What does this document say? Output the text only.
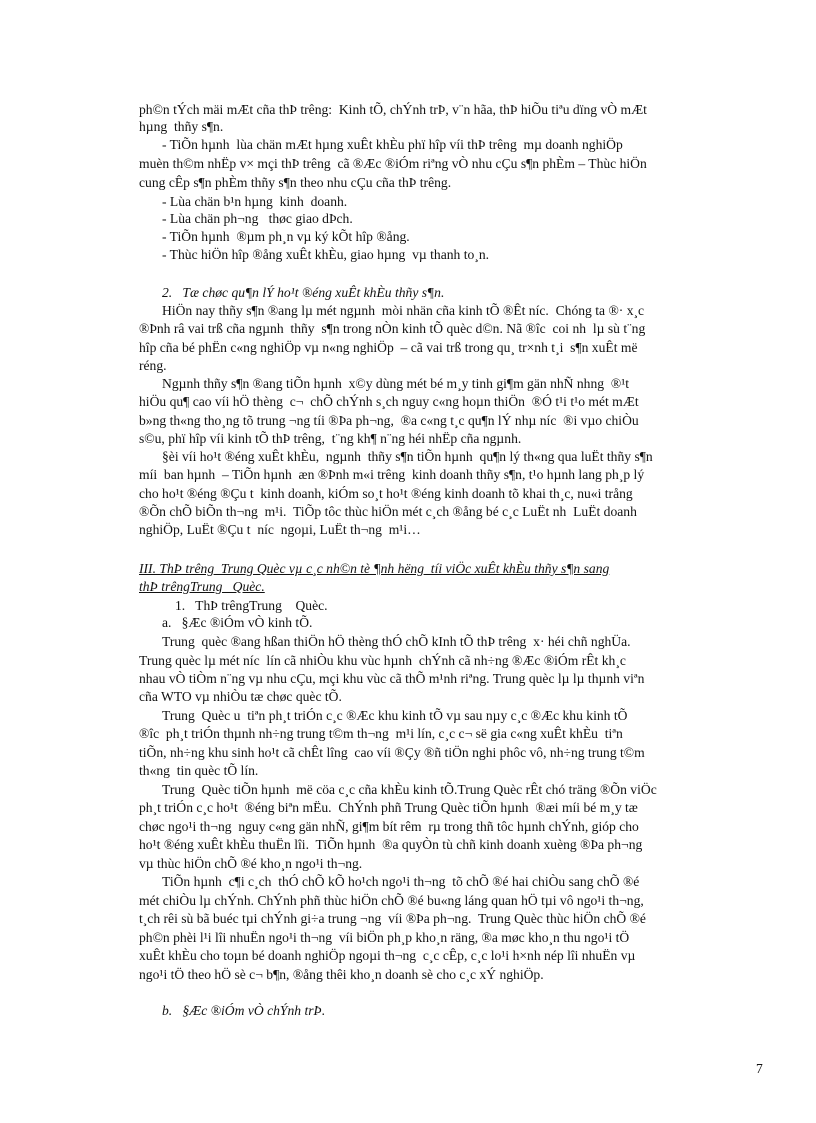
ph©n tÝch mäi mÆt cña thÞ trêng:  Kinh tÕ, chÝnh trÞ, v¨n hãa, thÞ hiÕu tiªu dïng vÒ mÆt
hµng  thñy s¶n.
- TiÕn hµnh  lùa chän mÆt hµng xuÊt khÈu phï hîp víi thÞ trêng  mµ doanh nghiÖp
muèn th©m nhËp v× mçi thÞ trêng  cã ®Æc ®iÓm riªng vÒ nhu cÇu s¶n phÈm – Thùc hiÖn
cung cÊp s¶n phÈm thñy s¶n theo nhu cÇu cña thÞ trêng.
- Lùa chän b¹n hµng  kinh  doanh.
- Lùa chän ph¬ng   thøc giao dÞch.
- TiÕn hµnh  ®µm ph¸n vµ ký kÕt hîp ®ång.
- Thùc hiÖn hîp ®ång xuÊt khÈu, giao hµng  vµ thanh to¸n.
2.   Tæ chøc qu¶n lÝ ho¹t ®éng xuÊt khÈu thñy s¶n.
HiÖn nay thñy s¶n ®ang lµ mét ngµnh  mòi nhän cña kinh tÕ ®Êt níc.  Chóng ta ®· x¸c
®Þnh râ vai trß cña ngµnh  thñy  s¶n trong nÒn kinh tÕ quèc d©n. Nã ®îc  coi nh  lµ sù t¨ng
hîp cña bé phËn c«ng nghiÖp vµ n«ng nghiÖp  – cã vai trß trong qu¸ tr×nh t¸i  s¶n xuÊt më
réng.
Ngµnh thñy s¶n ®ang tiÕn hµnh  x©y dùng mét bé m¸y tinh gi¶m gän nhÑ nhng  ®¹t
hiÖu qu¶ cao víi hÖ thèng  c¬  chÕ chÝnh s¸ch nguy c«ng hoµn thiÖn  ®Ó t¹i t¹o mét mÆt
b»ng th«ng tho¸ng tõ trung ¬ng tíi ®Þa ph¬ng,  ®a c«ng t¸c qu¶n lÝ nhµ níc  ®i vµo chiÒu
s©u, phï hîp víi kinh tÕ thÞ trêng,  t¨ng kh¶ n¨ng héi nhËp cña ngµnh.
§èi víi ho¹t ®éng xuÊt khÈu,  ngµnh  thñy s¶n tiÕn hµnh  qu¶n lý th«ng qua luËt thñy s¶n
míi  ban hµnh  – TiÕn hµnh  æn ®Þnh m«i trêng  kinh doanh thñy s¶n, t¹o hµnh lang ph¸p lý
cho ho¹t ®éng ®Çu t  kinh doanh, kiÓm so¸t ho¹t ®éng kinh doanh tõ khai th¸c, nu«i trång
®Õn chÕ biÕn th¬ng  m¹i.  TiÕp tôc thùc hiÖn mét c¸ch ®ång bé c¸c LuËt nh  LuËt doanh
nghiÖp, LuËt ®Çu t  níc  ngoµi, LuËt th¬ng  m¹i…
III. ThÞ trêng  Trung Quèc vµ c¸c nh©n tè ¶nh hëng  tíi viÖc xuÊt khÈu thñy s¶n sang
thÞ trêngTrung   Quèc.
1.   ThÞ trêngTrung    Quèc.
a.   §Æc ®iÓm vÒ kinh tÕ.
Trung  quèc ®ang hßan thiÖn hÖ thèng thÓ chÕ kInh tÕ thÞ trêng  x· héi chñ nghÜa.
Trung quèc lµ mét níc  lín cã nhiÒu khu vùc hµnh  chÝnh cã nh÷ng ®Æc ®iÓm rÊt kh¸c
nhau vÒ tiÒm n¨ng vµ nhu cÇu, mçi khu vùc cã thÕ m¹nh riªng. Trung quèc lµ lµ thµnh viªn
cña WTO vµ nhiÒu tæ chøc quèc tÕ.
Trung  Quèc u  tiªn ph¸t triÓn c¸c ®Æc khu kinh tÕ vµ sau nµy c¸c ®Æc khu kinh tÕ
®îc  ph¸t triÓn thµnh nh÷ng trung t©m th¬ng  m¹i lín, c¸c c¬ së gia c«ng xuÊt khÈu  tiªn
tiÕn, nh÷ng khu sinh ho¹t cã chÊt lîng  cao víi ®Çy ®ñ tiÖn nghi phôc vô, nh÷ng trung t©m
th«ng  tin quèc tÕ lín.
Trung  Quèc tiÕn hµnh  më cöa c¸c cña khÈu kinh tÕ.Trung Quèc rÊt chó träng ®Õn viÖc
ph¸t triÓn c¸c ho¹t  ®éng biªn mËu.  ChÝnh phñ Trung Quèc tiÕn hµnh  ®æi míi bé m¸y tæ
chøc ngo¹i th¬ng  nguy c«ng gän nhÑ, gi¶m bít rêm  rµ trong thñ tôc hµnh chÝnh, gióp cho
ho¹t ®éng xuÊt khÈu thuËn lîi.  TiÕn hµnh  ®a quyÒn tù chñ kinh doanh xuèng ®Þa ph¬ng
vµ thùc hiÖn chÕ ®é kho¸n ngo¹i th¬ng.
TiÕn hµnh  c¶i c¸ch  thÓ chÕ kÕ ho¹ch ngo¹i th¬ng  tõ chÕ ®é hai chiÒu sang chÕ ®é
mét chiÒu lµ chÝnh. ChÝnh phñ thùc hiÖn chÕ ®é bu«ng láng quan hÖ tµi vô ngo¹i th¬ng,
t¸ch rêi sù bã buéc tµi chÝnh gi÷a trung ¬ng  víi ®Þa ph¬ng.  Trung Quèc thùc hiÖn chÕ ®é
ph©n phèi l¹i lîi nhuËn ngo¹i th¬ng  víi biÖn ph¸p kho¸n räng, ®a møc kho¸n thu ngo¹i tÖ
xuÊt khÈu cho toµn bé doanh nghiÖp ngoµi th¬ng  c¸c cÊp, c¸c lo¹i h×nh nép lîi nhuËn vµ
ngo¹i tÖ theo hÖ sè c¬ b¶n, ®ång thêi kho¸n doanh sè cho c¸c xÝ nghiÖp.
b.   §Æc ®iÓm vÒ chÝnh trÞ.
7
